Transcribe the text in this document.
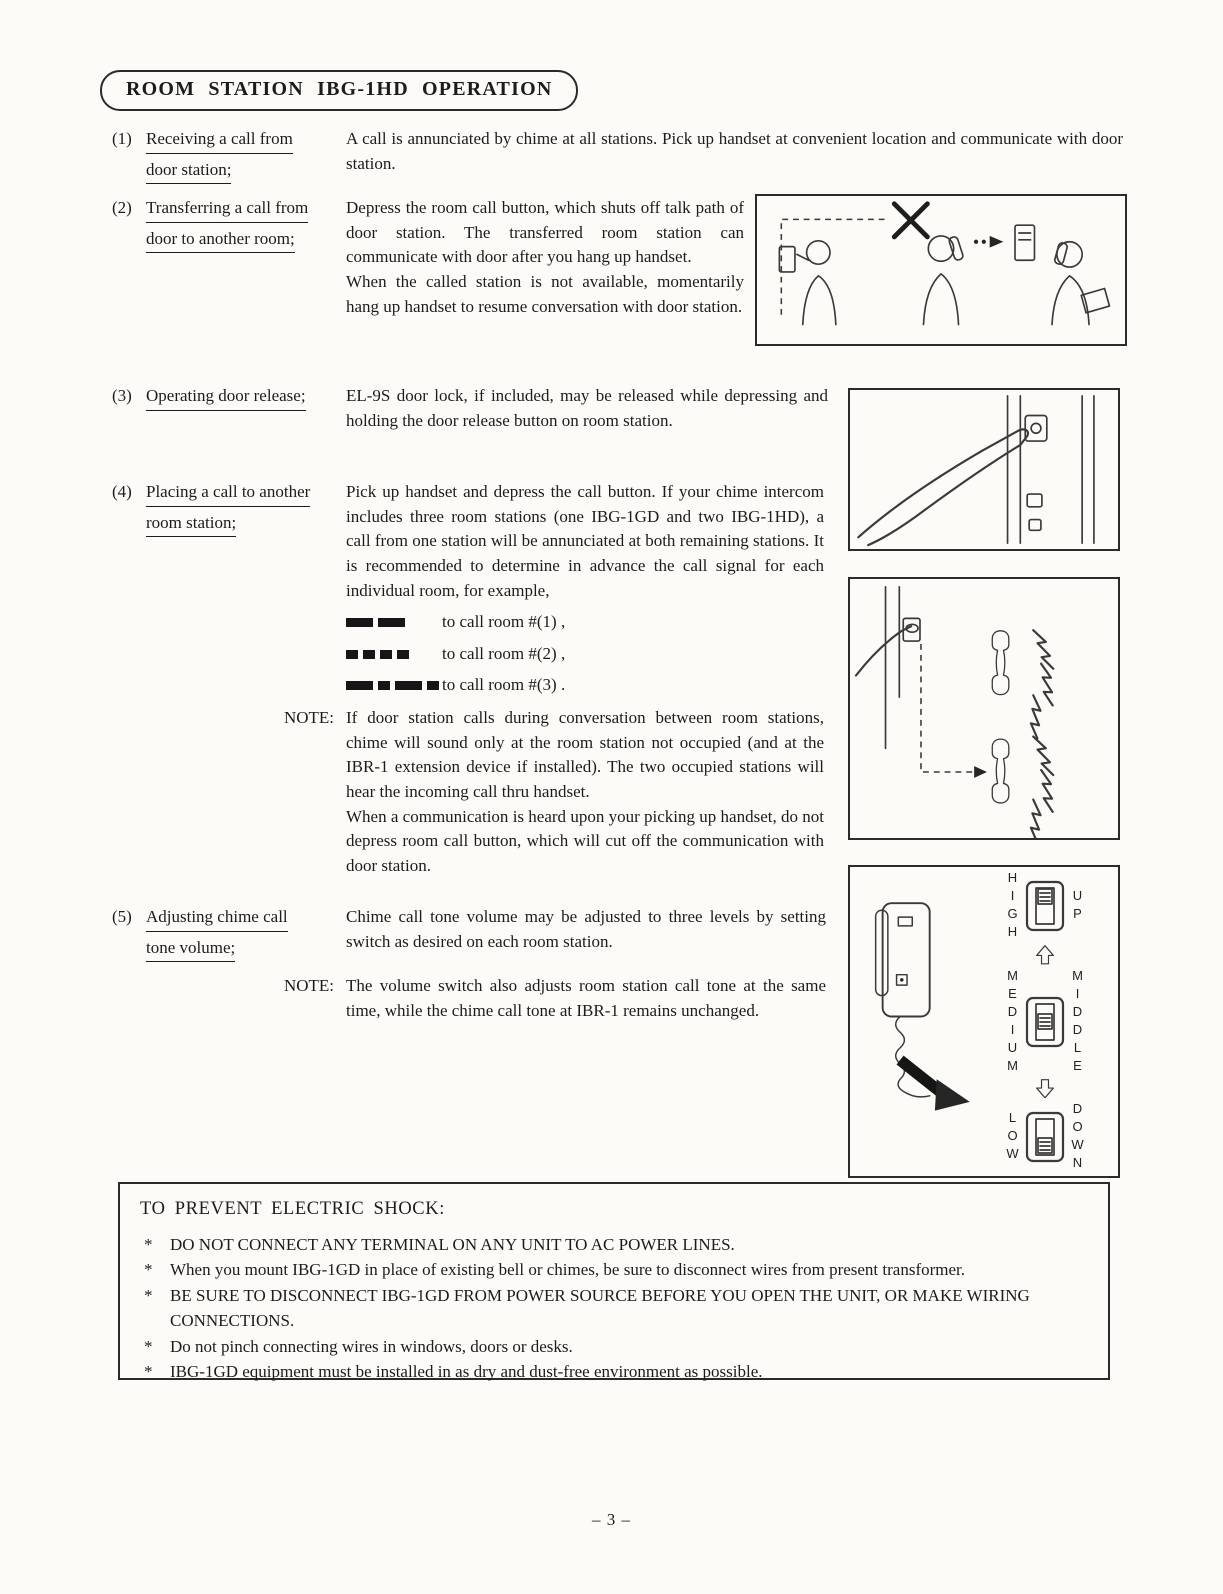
ROOM STATION IBG-1HD OPERATION
(1) Receiving a call from
door station;

A call is annunciated by chime at all stations. Pick up handset at convenient location and communicate with door station.

(2) Transferring a call from
door to another room;

Depress the room call button, which shuts off talk path of door station. The transferred room station can communicate with door after you hang up handset.

When the called station is not available, momentarily hang up handset to resume conversation with door station.

(3) Operating door release; EL-9S door lock, if included, may be released while depressing and holding the door release button on room station.

(4) Placing a call to another
room station;

Pick up handset and depress the call button. If your chime intercom includes three room stations (one IBG-1GD and two IBG-1HD), a call from one station will be annunciated at both remaining stations. It is recommended to determine in advance the call signal for each individual room, for example,

to call room #(1) ,
to call room #(2) ,
to call room #(3) .
NOTE: If door station calls during conversation between room stations, chime will sound only at the room station not occupied (and at the IBR-1 extension device if installed). The two occupied stations will hear the incoming call thru handset.

When a communication is heard upon your picking up handset, do not depress room call button, which will cut off the communication with door station.

(5) Adjusting chime call
tone volume;

Chime call tone volume may be adjusted to three levels by setting switch as desired on each room station.

NOTE: The volume switch also adjusts room station call tone at the same time, while the chime call tone at IBR-1 remains unchanged.

HIGH	UP
MEDIUM	MIDDLE
LOW	DOWN
TO PREVENT ELECTRIC SHOCK:
*	DO NOT CONNECT ANY TERMINAL ON ANY UNIT TO AC POWER LINES.
*	When you mount IBG-1GD in place of existing bell or chimes, be sure to disconnect wires from present transformer.
*	BE SURE TO DISCONNECT IBG-1GD FROM POWER SOURCE BEFORE YOU OPEN THE UNIT, OR MAKE WIRING CONNECTIONS.
*	Do not pinch connecting wires in windows, doors or desks.
*	IBG-1GD equipment must be installed in as dry and dust-free environment as possible.
– 3 –
